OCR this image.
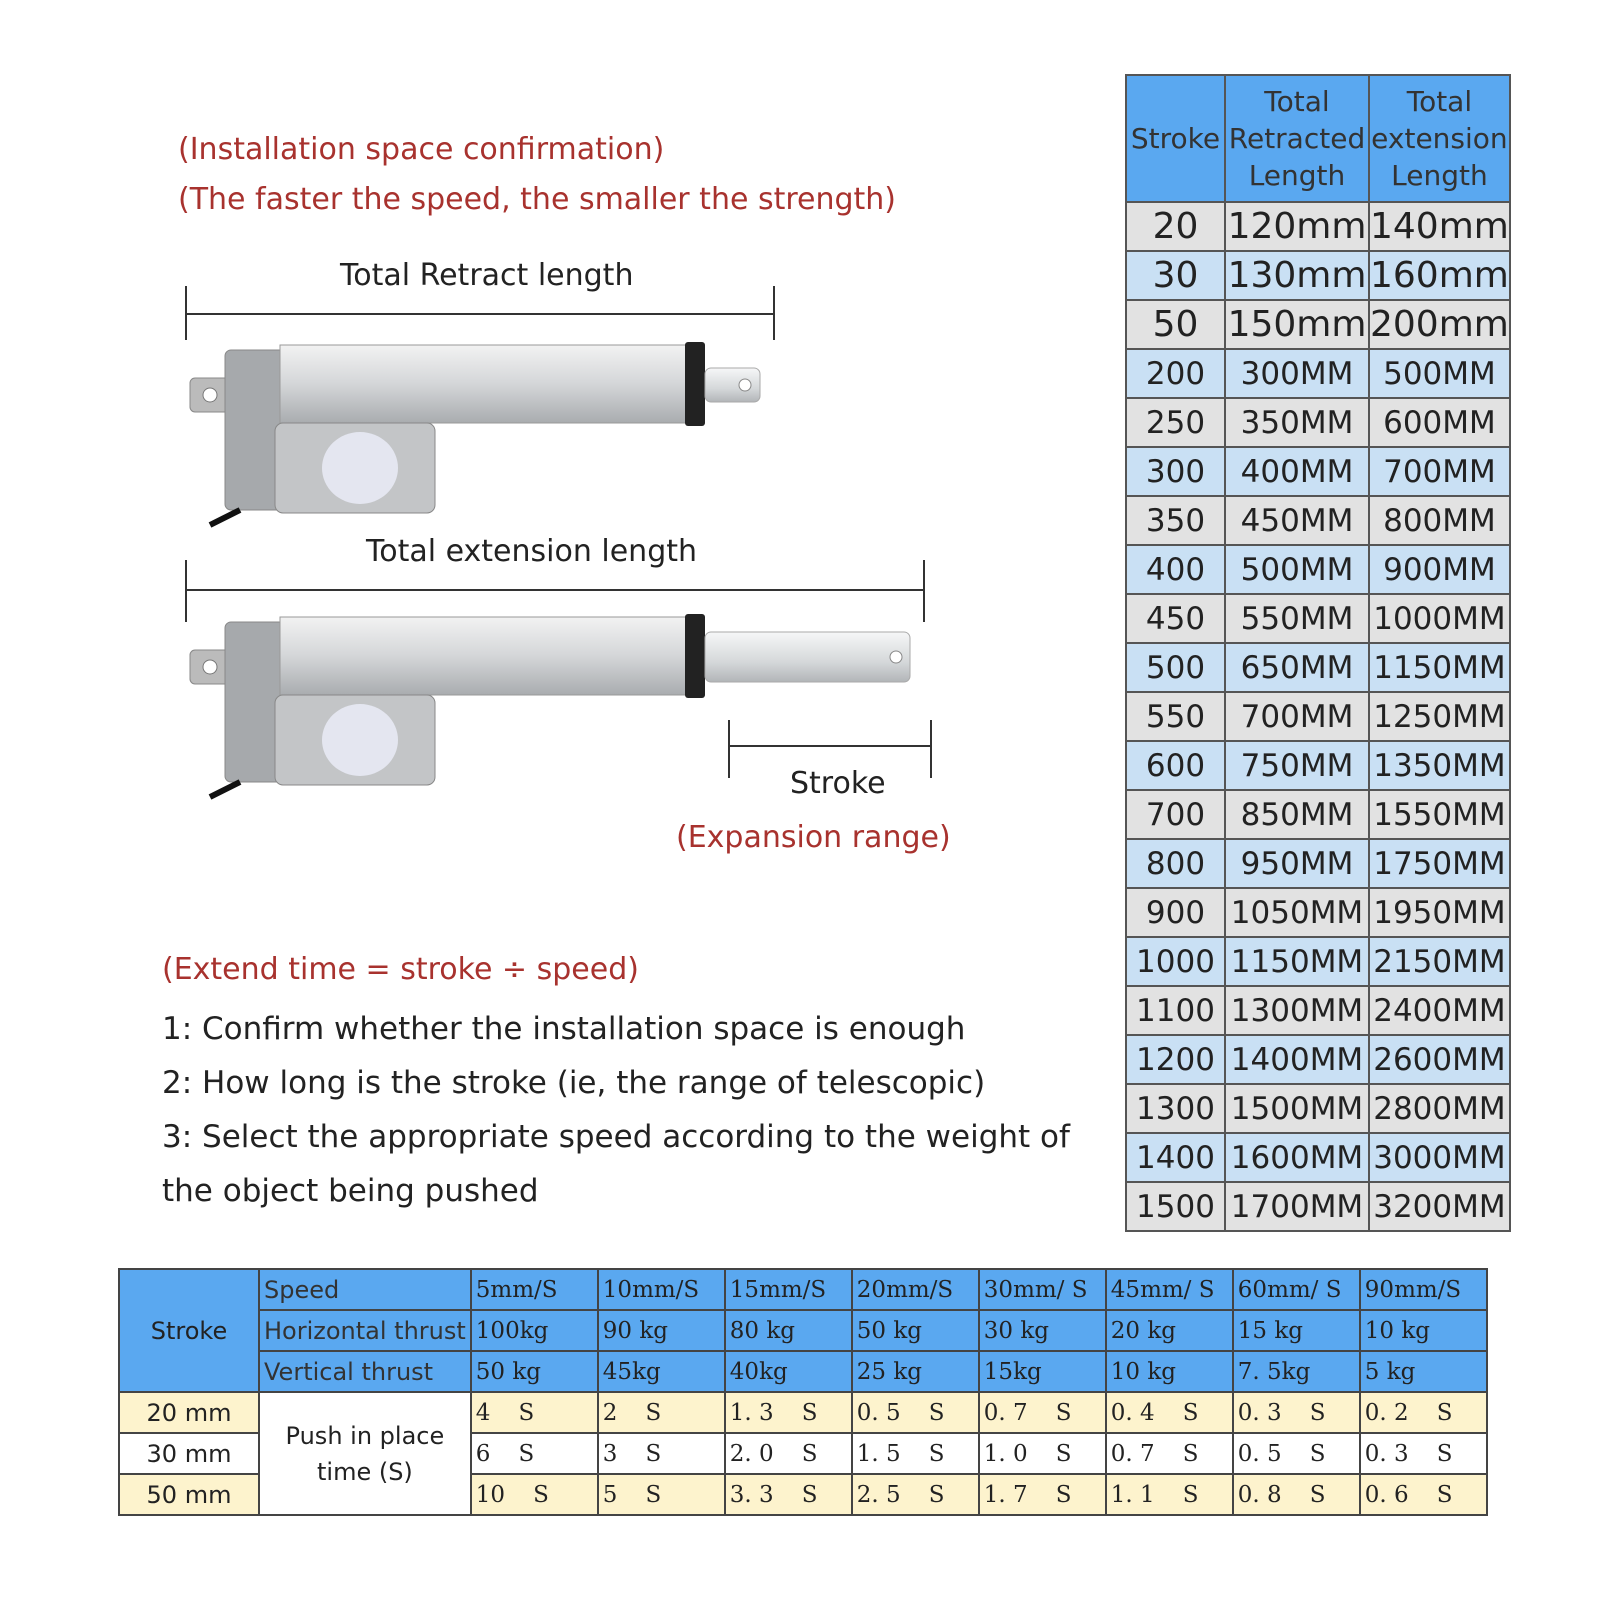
(Installation space confirmation)
(The faster the speed, the smaller the strength)
Total Retract length
Total extension length
Stroke
(Expansion range)
(Extend time = stroke ÷ speed)
1: Confirm whether the installation space is enough
2: How long is the stroke (ie, the range of telescopic)
3: Select the appropriate speed according to the weight of the object being pushed
Stroke	Total Retracted Length	Total extension Length
20	120mm	140mm
30	130mm	160mm
50	150mm	200mm
200	300MM	500MM
250	350MM	600MM
300	400MM	700MM
350	450MM	800MM
400	500MM	900MM
450	550MM	1000MM
500	650MM	1150MM
550	700MM	1250MM
600	750MM	1350MM
700	850MM	1550MM
800	950MM	1750MM
900	1050MM	1950MM
1000	1150MM	2150MM
1100	1300MM	2400MM
1200	1400MM	2600MM
1300	1500MM	2800MM
1400	1600MM	3000MM
1500	1700MM	3200MM
Stroke	Speed	5mm/S	10mm/S	15mm/S	20mm/S	30mm/ S	45mm/ S	60mm/ S	90mm/S
	Horizontal thrust	100kg	90 kg	80 kg	50 kg	30 kg	20 kg	15 kg	10 kg
	Vertical thrust	50 kg	45kg	40kg	25 kg	15kg	10 kg	7. 5kg	5 kg
20 mm	Push in place time (S)	4 S	2 S	1. 3 S	0. 5 S	0. 7 S	0. 4 S	0. 3 S	0. 2 S
30 mm		6 S	3 S	2. 0 S	1. 5 S	1. 0 S	0. 7 S	0. 5 S	0. 3 S
50 mm		10 S	5 S	3. 3 S	2. 5 S	1. 7 S	1. 1 S	0. 8 S	0. 6 S
